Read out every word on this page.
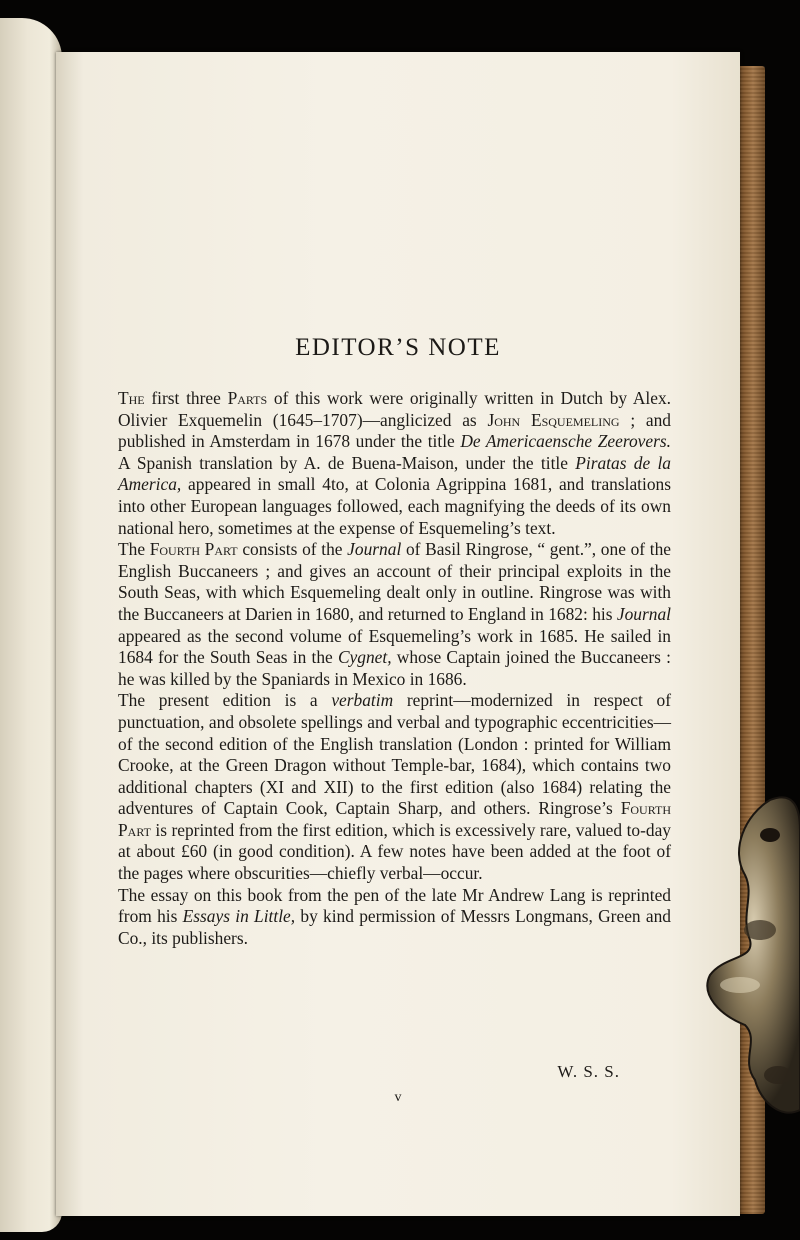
EDITOR’S NOTE

The first three Parts of this work were originally written in Dutch by Alex. Olivier Exquemelin (1645–1707)—anglicized as John Esquemeling ; and published in Amsterdam in 1678 under the title De Americaensche Zeerovers. A Spanish translation by A. de Buena-Maison, under the title Piratas de la America, appeared in small 4to, at Colonia Agrippina 1681, and translations into other European languages followed, each magnifying the deeds of its own national hero, sometimes at the expense of Esquemeling’s text.

The Fourth Part consists of the Journal of Basil Ringrose, “ gent.”, one of the English Buccaneers ; and gives an account of their principal exploits in the South Seas, with which Esquemeling dealt only in outline. Ringrose was with the Buccaneers at Darien in 1680, and returned to England in 1682: his Journal appeared as the second volume of Esquemeling’s work in 1685. He sailed in 1684 for the South Seas in the Cygnet, whose Captain joined the Buccaneers : he was killed by the Spaniards in Mexico in 1686.

The present edition is a verbatim reprint—modernized in respect of punctuation, and obsolete spellings and verbal and typographic eccentricities—of the second edition of the English translation (London : printed for William Crooke, at the Green Dragon without Temple-bar, 1684), which contains two additional chapters (XI and XII) to the first edition (also 1684) relating the adventures of Captain Cook, Captain Sharp, and others. Ringrose’s Fourth Part is reprinted from the first edition, which is excessively rare, valued to-day at about £60 (in good condition). A few notes have been added at the foot of the pages where obscurities—chiefly verbal—occur.

The essay on this book from the pen of the late Mr Andrew Lang is reprinted from his Essays in Little, by kind permission of Messrs Longmans, Green and Co., its publishers.

W. S. S.
v
